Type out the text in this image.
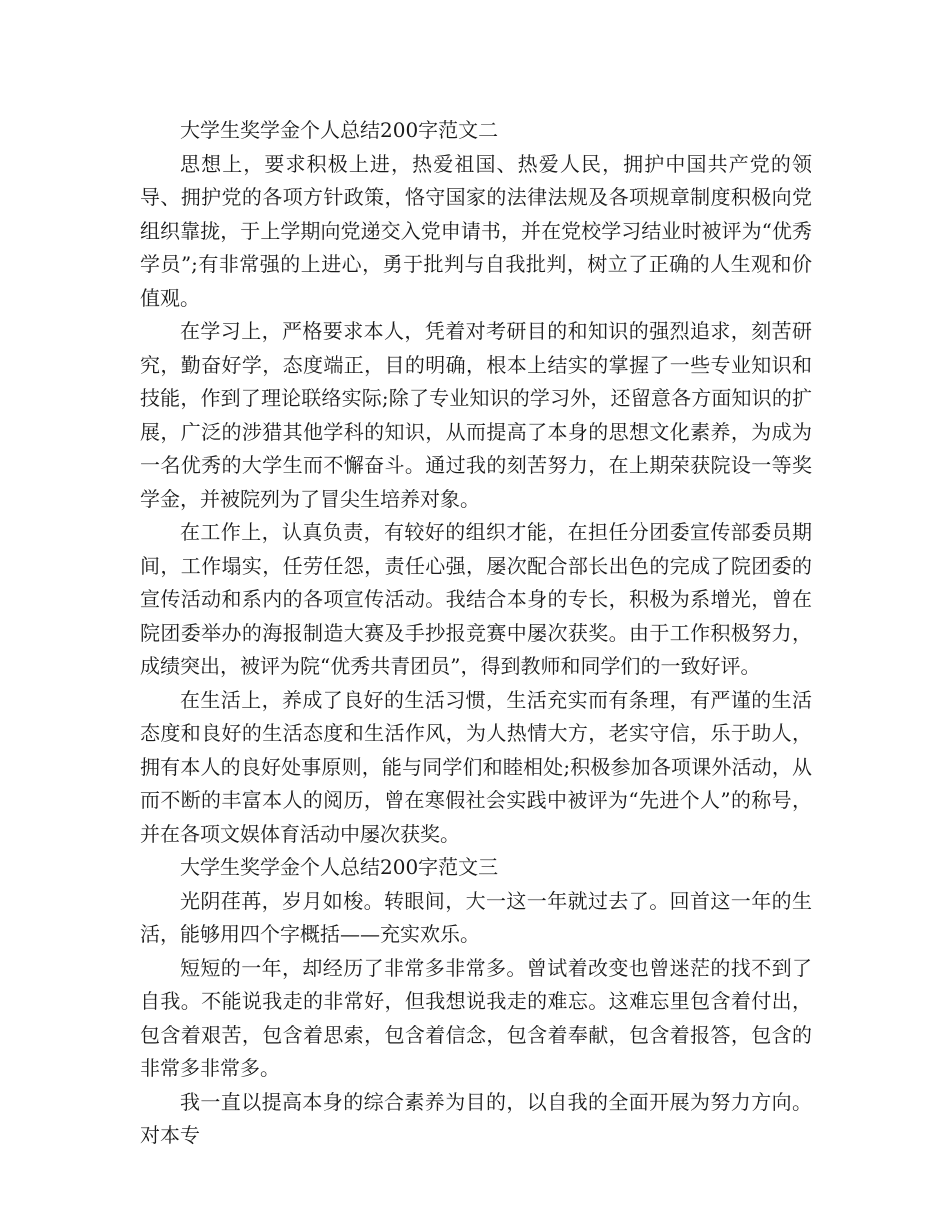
大学生奖学金个人总结200字范文二

思想上，要求积极上进，热爱祖国、热爱人民，拥护中国共产党的领导、拥护党的各项方针政策，恪守国家的法律法规及各项规章制度积极向党组织靠拢，于上学期向党递交入党申请书，并在党校学习结业时被评为“优秀学员”;有非常强的上进心，勇于批判与自我批判，树立了正确的人生观和价值观。

在学习上，严格要求本人，凭着对考研目的和知识的强烈追求，刻苦研究，勤奋好学，态度端正，目的明确，根本上结实的掌握了一些专业知识和技能，作到了理论联络实际;除了专业知识的学习外，还留意各方面知识的扩展，广泛的涉猎其他学科的知识，从而提高了本身的思想文化素养，为成为一名优秀的大学生而不懈奋斗。通过我的刻苦努力，在上期荣获院设一等奖学金，并被院列为了冒尖生培养对象。

在工作上，认真负责，有较好的组织才能，在担任分团委宣传部委员期间，工作塌实，任劳任怨，责任心强，屡次配合部长出色的完成了院团委的宣传活动和系内的各项宣传活动。我结合本身的专长，积极为系增光，曾在院团委举办的海报制造大赛及手抄报竞赛中屡次获奖。由于工作积极努力，成绩突出，被评为院“优秀共青团员”，得到教师和同学们的一致好评。

在生活上，养成了良好的生活习惯，生活充实而有条理，有严谨的生活态度和良好的生活态度和生活作风，为人热情大方，老实守信，乐于助人，拥有本人的良好处事原则，能与同学们和睦相处;积极参加各项课外活动，从而不断的丰富本人的阅历，曾在寒假社会实践中被评为“先进个人”的称号，并在各项文娱体育活动中屡次获奖。

大学生奖学金个人总结200字范文三

光阴荏苒，岁月如梭。转眼间，大一这一年就过去了。回首这一年的生活，能够用四个字概括——充实欢乐。

短短的一年，却经历了非常多非常多。曾试着改变也曾迷茫的找不到了自我。不能说我走的非常好，但我想说我走的难忘。这难忘里包含着付出，包含着艰苦，包含着思索，包含着信念，包含着奉献，包含着报答，包含的非常多非常多。

我一直以提高本身的综合素养为目的，以自我的全面开展为努力方向。对本专
